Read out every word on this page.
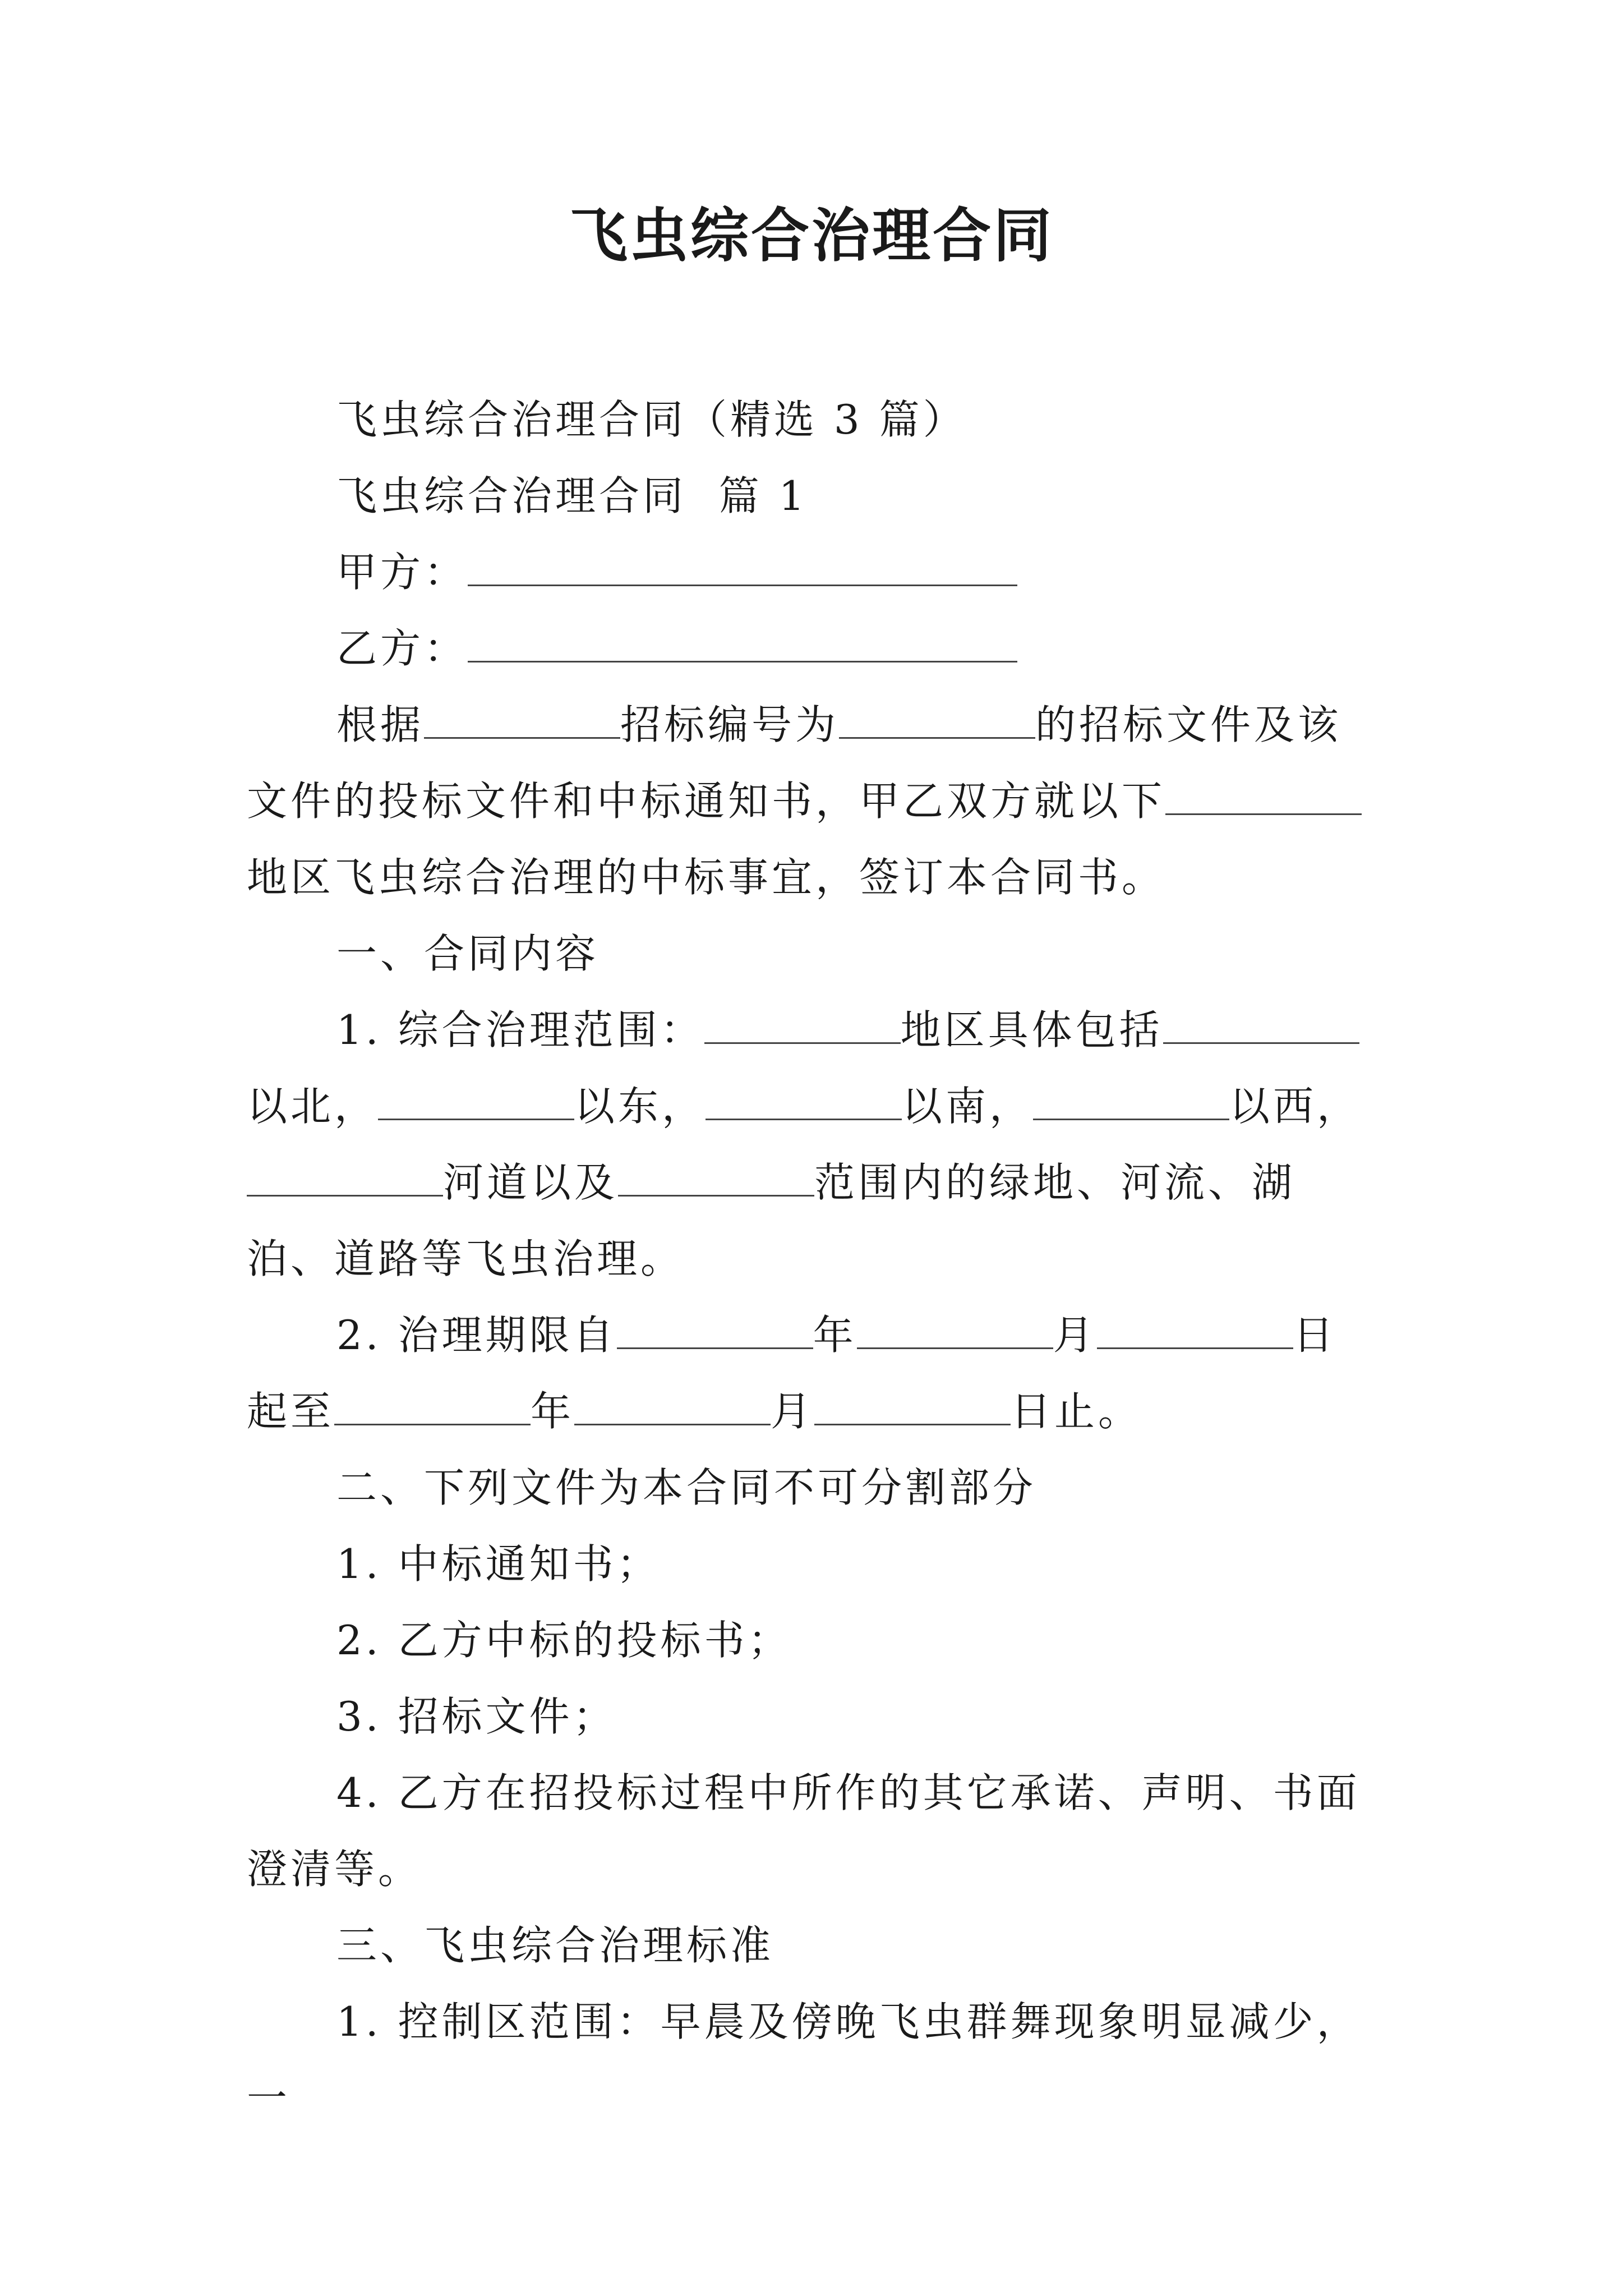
飞虫综合治理合同

飞虫综合治理合同（精选 3 篇）

飞虫综合治理合同  篇 1

甲方：

乙方：

根据	招标编号为	的招标文件及该文件的投标文件和中标通知书，甲乙双方就以下地区飞虫综合治理的中标事宜，签订本合同书。

一、合同内容

1. 综合治理范围：	地区具体包括以北，	以东，	以南，	以西，河道以及	范围内的绿地、河流、湖泊、道路等飞虫治理。

2. 治理期限自	年	月	日起至	年	月	日止。

二、下列文件为本合同不可分割部分

1. 中标通知书；

2. 乙方中标的投标书；

3. 招标文件；

4. 乙方在招投标过程中所作的其它承诺、声明、书面澄清等。

三、飞虫综合治理标准

1. 控制区范围：早晨及傍晚飞虫群舞现象明显减少，一
